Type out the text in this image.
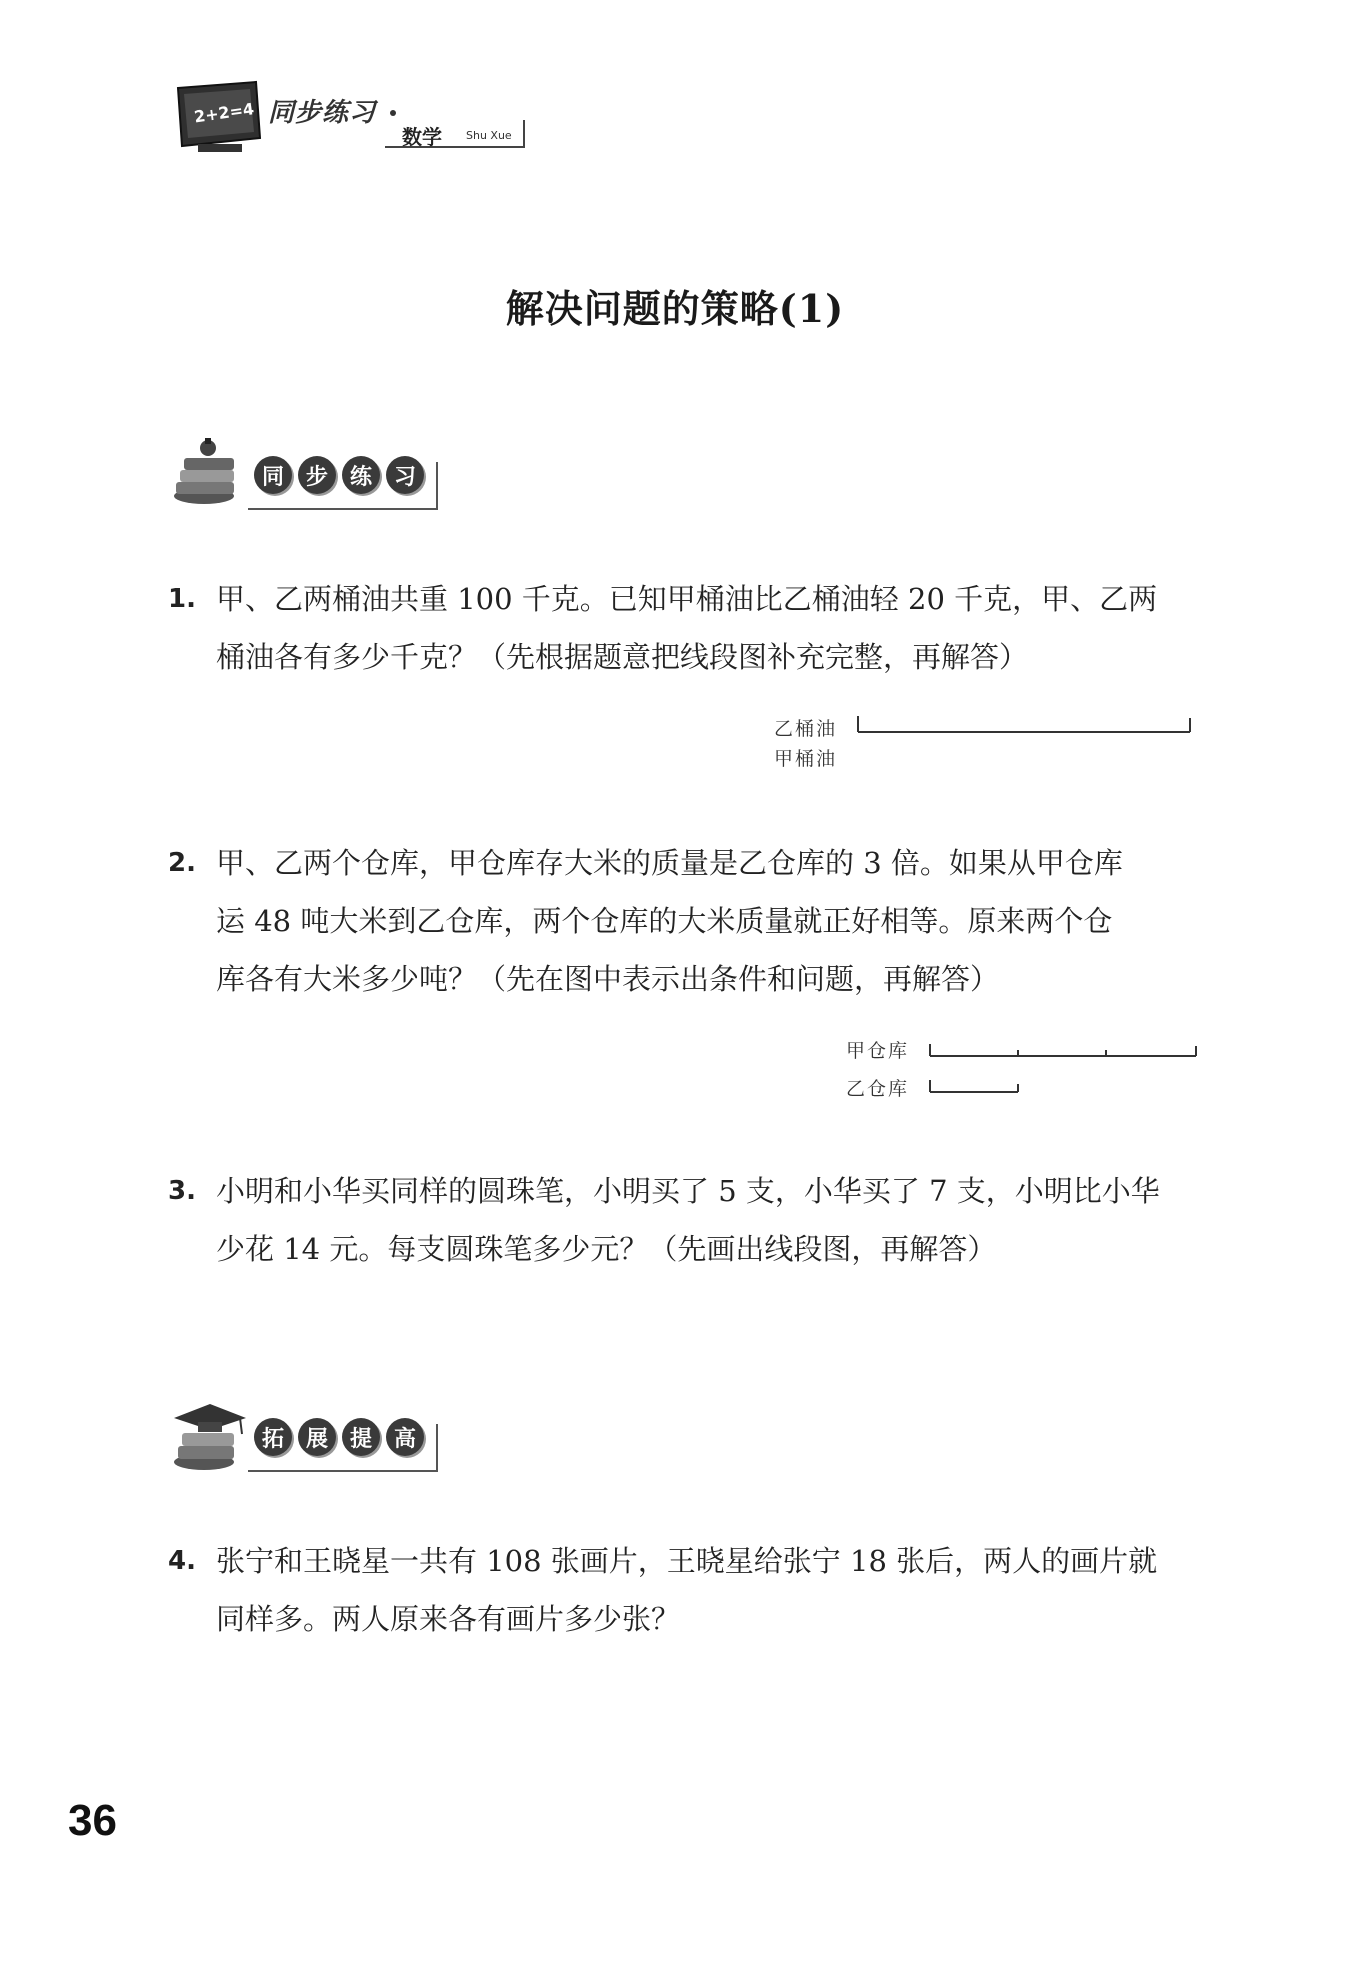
2+2=4 同步练习
数学 Shu Xue
解决问题的策略(1)
同 步 练 习
1. 甲、乙两桶油共重 100 千克。已知甲桶油比乙桶油轻 20 千克，甲、乙两
桶油各有多少千克？（先根据题意把线段图补充完整，再解答）
乙桶油
甲桶油
2. 甲、乙两个仓库，甲仓库存大米的质量是乙仓库的 3 倍。如果从甲仓库
运 48 吨大米到乙仓库，两个仓库的大米质量就正好相等。原来两个仓
库各有大米多少吨？（先在图中表示出条件和问题，再解答）
甲仓库
乙仓库
3. 小明和小华买同样的圆珠笔，小明买了 5 支，小华买了 7 支，小明比小华
少花 14 元。每支圆珠笔多少元？（先画出线段图，再解答）
拓 展 提 高
4. 张宁和王晓星一共有 108 张画片，王晓星给张宁 18 张后，两人的画片就
同样多。两人原来各有画片多少张？
36
